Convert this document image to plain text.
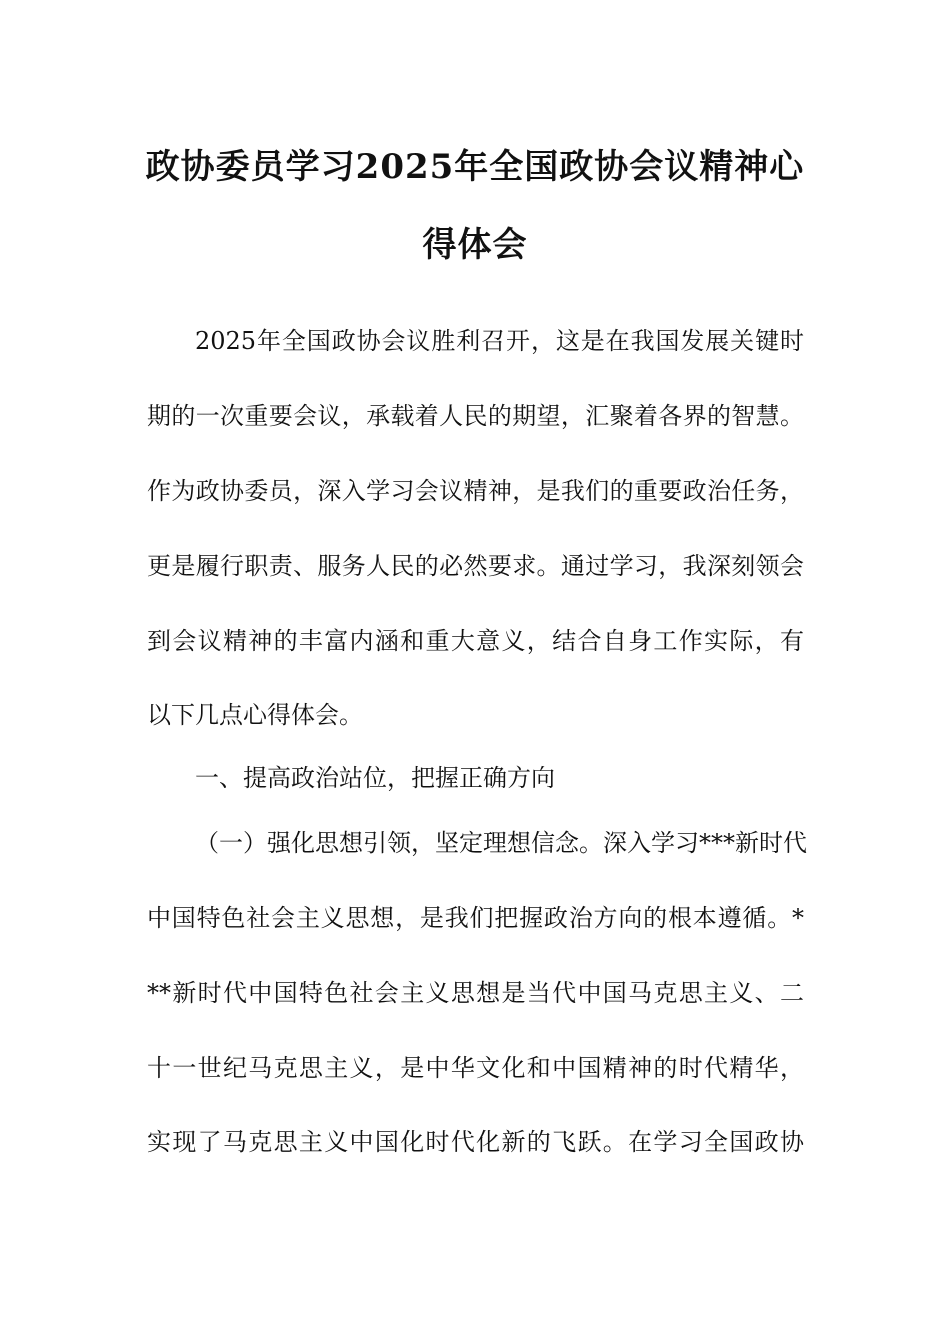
政协委员学习2025年全国政协会议精神心
得体会
2025年全国政协会议胜利召开，这是在我国发展关键时
期的一次重要会议，承载着人民的期望，汇聚着各界的智慧。
作为政协委员，深入学习会议精神，是我们的重要政治任务，
更是履行职责、服务人民的必然要求。通过学习，我深刻领会
到会议精神的丰富内涵和重大意义，结合自身工作实际，有
以下几点心得体会。
一、提高政治站位，把握正确方向
（一）强化思想引领，坚定理想信念。深入学习***新时代
中国特色社会主义思想，是我们把握政治方向的根本遵循。*
**新时代中国特色社会主义思想是当代中国马克思主义、二
十一世纪马克思主义，是中华文化和中国精神的时代精华，
实现了马克思主义中国化时代化新的飞跃。在学习全国政协
